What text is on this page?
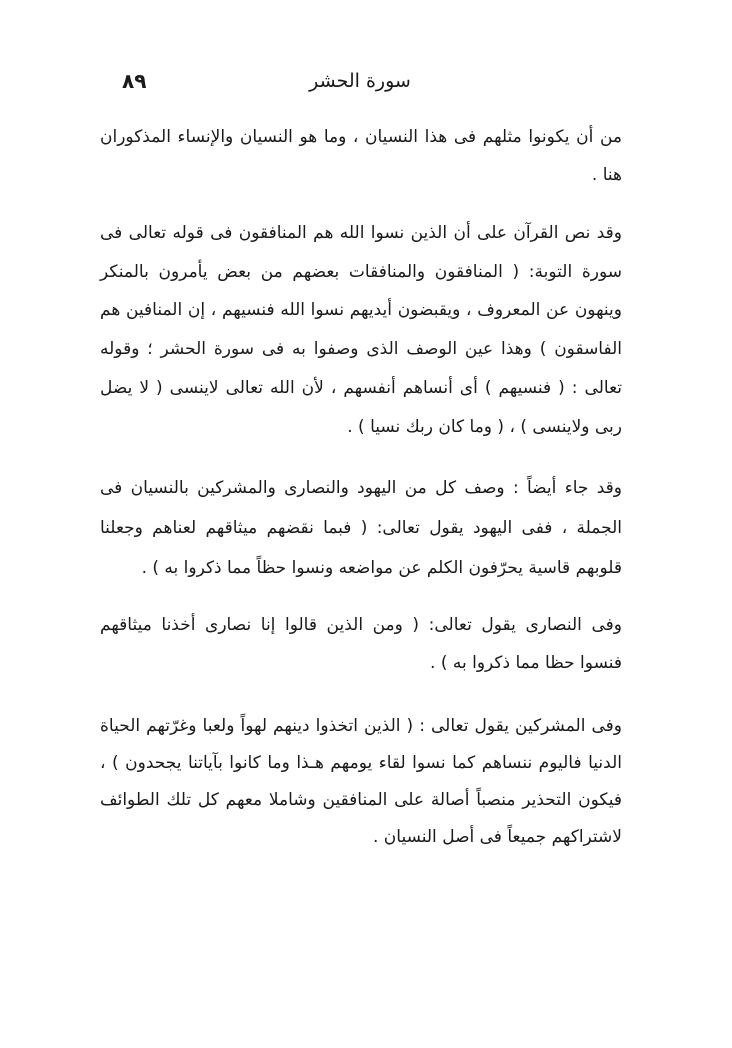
سورة الحشر
٨٩

من أن يكونوا مثلهم فى هذا النسيان ، وما هو النسيان والإنساء المذكوران هنا .

وقد نص القرآن على أن الذين نسوا الله هم المنافقون فى قوله تعالى فى سورة التوبة: ( المنافقون والمنافقات بعضهم من بعض يأمرون بالمنكر وينهون عن المعروف ، ويقبضون أيديهم نسوا الله فنسيهم ، إن المنافين هم الفاسقون ) وهذا عين الوصف الذى وصفوا به فى سورة الحشر ؛ وقوله تعالى : ( فنسيهم ) أى أنساهم أنفسهم ، لأن الله تعالى لاينسى ( لا يضل ربى ولاينسى ) ، ( وما كان ربك نسيا ) .

وقد جاء أيضاً : وصف كل من اليهود والنصارى والمشركين بالنسيان فى الجملة ، ففى اليهود يقول تعالى: ( فبما نقضهم ميثاقهم لعناهم وجعلنا قلوبهم قاسية يحرّفون الكلم عن مواضعه ونسوا حظاً مما ذكروا به ) .

وفى النصارى يقول تعالى: ( ومن الذين قالوا إنا نصارى أخذنا ميثاقهم فنسوا حظا مما ذكروا به ) .

وفى المشركين يقول تعالى : ( الذين اتخذوا دينهم لهواً ولعبا وغرّتهم الحياة الدنيا فاليوم ننساهم كما نسوا لقاء يومهم هـذا وما كانوا بآياتنا يجحدون ) ، فيكون التحذير منصباً أصالة على المنافقين وشاملا معهم كل تلك الطوائف لاشتراكهم جميعاً فى أصل النسيان .
